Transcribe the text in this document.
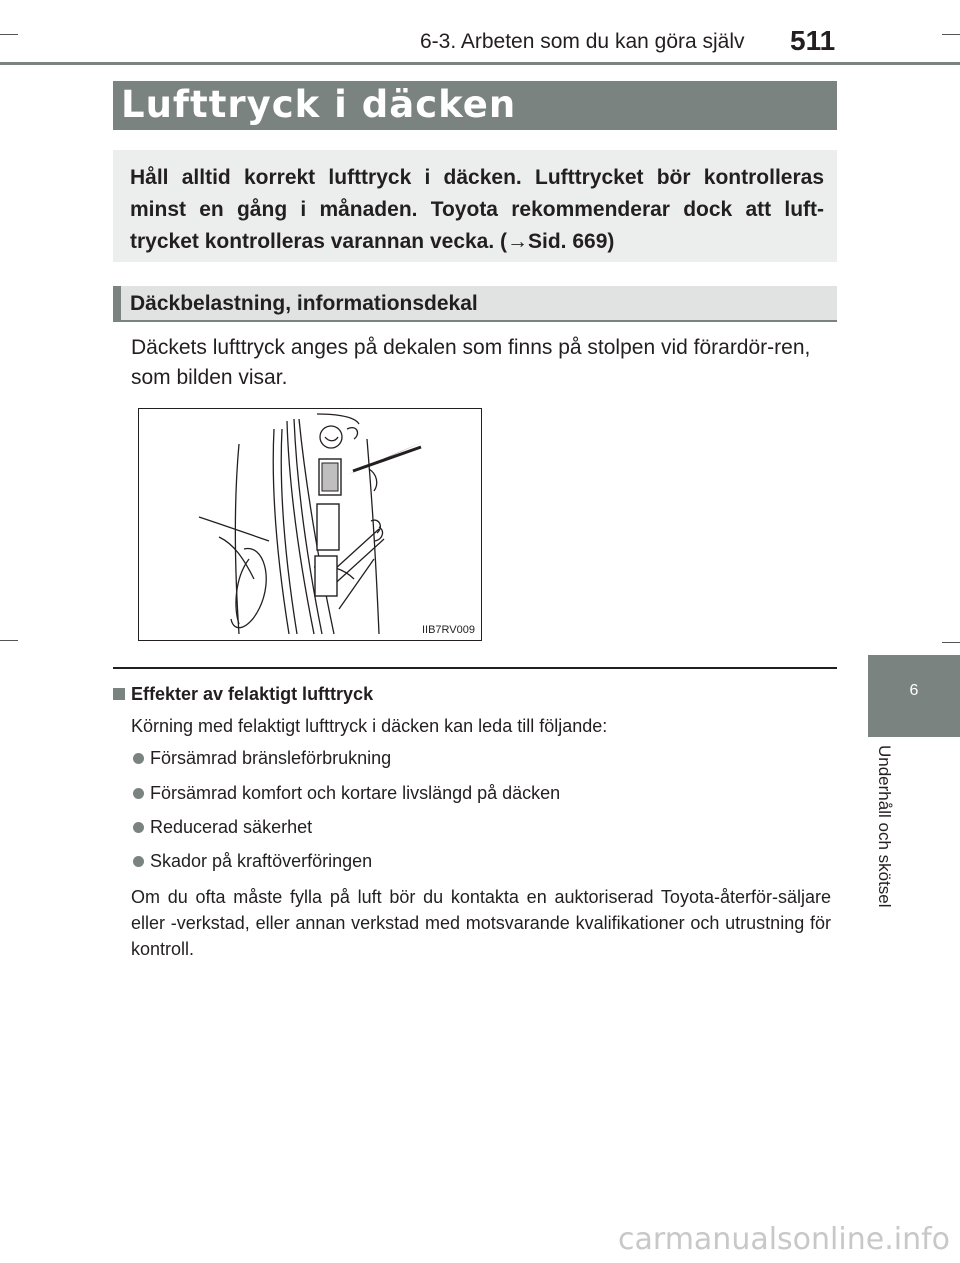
6-3. Arbeten som du kan göra själv 511
Lufttryck i däcken
Håll alltid korrekt lufttryck i däcken. Lufttrycket bör kontrolleras minst en gång i månaden. Toyota rekommenderar dock att luft-trycket kontrolleras varannan vecka. (→Sid. 669)
Däckbelastning, informationsdekal
Däckets lufttryck anges på dekalen som finns på stolpen vid förardör-ren, som bilden visar.
IIB7RV009
Effekter av felaktigt lufttryck
Körning med felaktigt lufttryck i däcken kan leda till följande:
Försämrad bränsleförbrukning
Försämrad komfort och kortare livslängd på däcken
Reducerad säkerhet
Skador på kraftöverföringen
Om du ofta måste fylla på luft bör du kontakta en auktoriserad Toyota-återför-säljare eller -verkstad, eller annan verkstad med motsvarande kvalifikationer och utrustning för kontroll.
6
Underhåll och skötsel
carmanualsonline.info
